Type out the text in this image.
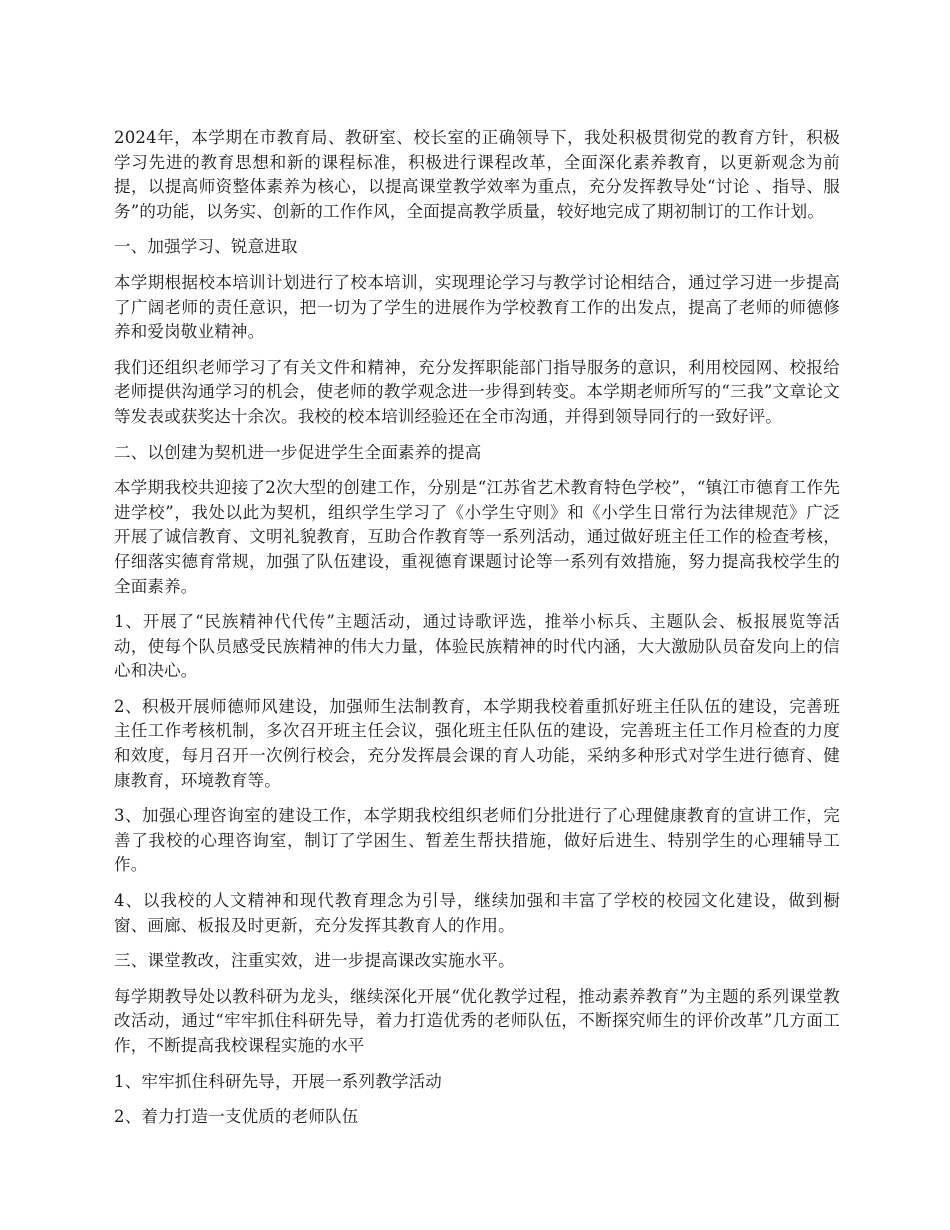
2024年，本学期在市教育局、教研室、校长室的正确领导下，我处积极贯彻党的教育方针，积极学习先进的教育思想和新的课程标准，积极进行课程改革，全面深化素养教育，以更新观念为前提，以提高师资整体素养为核心，以提高课堂教学效率为重点，充分发挥教导处“讨论 、指导、服务”的功能，以务实、创新的工作作风，全面提高教学质量，较好地完成了期初制订的工作计划。

一、加强学习、锐意进取

本学期根据校本培训计划进行了校本培训，实现理论学习与教学讨论相结合，通过学习进一步提高了广阔老师的责任意识，把一切为了学生的进展作为学校教育工作的出发点，提高了老师的师德修养和爱岗敬业精神。

我们还组织老师学习了有关文件和精神，充分发挥职能部门指导服务的意识，利用校园网、校报给老师提供沟通学习的机会，使老师的教学观念进一步得到转变。本学期老师所写的“三我”文章论文等发表或获奖达十余次。我校的校本培训经验还在全市沟通，并得到领导同行的一致好评。

二、以创建为契机进一步促进学生全面素养的提高

本学期我校共迎接了2次大型的创建工作，分别是“江苏省艺术教育特色学校”，“镇江市德育工作先进学校”，我处以此为契机，组织学生学习了《小学生守则》和《小学生日常行为法律规范》广泛开展了诚信教育、文明礼貌教育，互助合作教育等一系列活动，通过做好班主任工作的检查考核，仔细落实德育常规，加强了队伍建设，重视德育课题讨论等一系列有效措施，努力提高我校学生的全面素养。

1、开展了“民族精神代代传”主题活动，通过诗歌评选，推举小标兵、主题队会、板报展览等活动，使每个队员感受民族精神的伟大力量，体验民族精神的时代内涵，大大激励队员奋发向上的信心和决心。

2、积极开展师德师风建设，加强师生法制教育，本学期我校着重抓好班主任队伍的建设，完善班主任工作考核机制，多次召开班主任会议，强化班主任队伍的建设，完善班主任工作月检查的力度和效度，每月召开一次例行校会，充分发挥晨会课的育人功能，采纳多种形式对学生进行德育、健康教育，环境教育等。

3、加强心理咨询室的建设工作，本学期我校组织老师们分批进行了心理健康教育的宣讲工作，完善了我校的心理咨询室，制订了学困生、暂差生帮扶措施，做好后进生、特别学生的心理辅导工作。

4、以我校的人文精神和现代教育理念为引导，继续加强和丰富了学校的校园文化建设，做到橱窗、画廊、板报及时更新，充分发挥其教育人的作用。

三、课堂教改，注重实效，进一步提高课改实施水平。

每学期教导处以教科研为龙头，继续深化开展“优化教学过程，推动素养教育”为主题的系列课堂教改活动，通过“牢牢抓住科研先导，着力打造优秀的老师队伍，不断探究师生的评价改革”几方面工作，不断提高我校课程实施的水平

1、牢牢抓住科研先导，开展一系列教学活动

2、着力打造一支优质的老师队伍
